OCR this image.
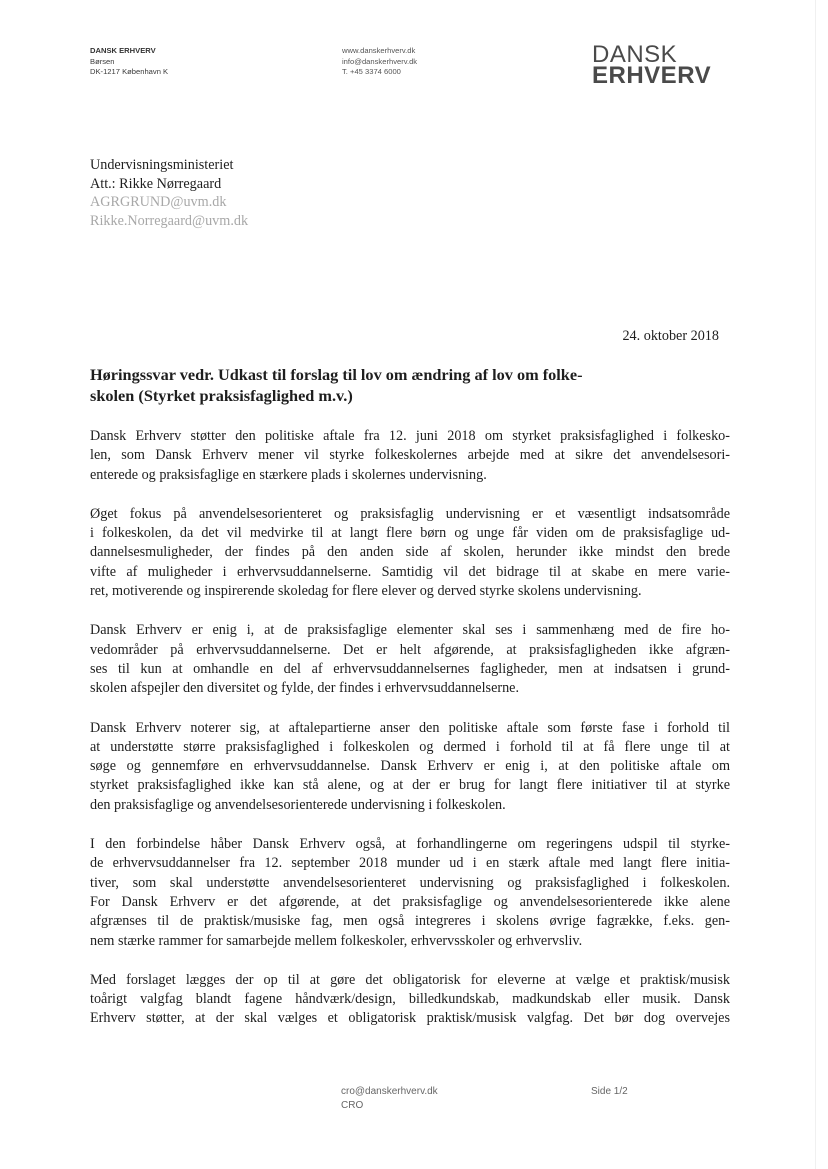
DANSK ERHVERV
Børsen
DK-1217 København K
www.danskerhverv.dk
info@danskerhverv.dk
T. +45 3374 6000
DANSK
ERHVERV
Undervisningsministeriet
Att.: Rikke Nørregaard
AGRGRUND@uvm.dk
Rikke.Norregaard@uvm.dk
24. oktober 2018
Høringssvar vedr. Udkast til forslag til lov om ændring af lov om folke-
skolen (Styrket praksisfaglighed m.v.)
Dansk Erhverv støtter den politiske aftale fra 12. juni 2018 om styrket praksisfaglighed i folkesko-
len, som Dansk Erhverv mener vil styrke folkeskolernes arbejde med at sikre det anvendelsesori-
enterede og praksisfaglige en stærkere plads i skolernes undervisning.
Øget fokus på anvendelsesorienteret og praksisfaglig undervisning er et væsentligt indsatsområde
i folkeskolen, da det vil medvirke til at langt flere børn og unge får viden om de praksisfaglige ud-
dannelsesmuligheder, der findes på den anden side af skolen, herunder ikke mindst den brede
vifte af muligheder i erhvervsuddannelserne. Samtidig vil det bidrage til at skabe en mere varie-
ret, motiverende og inspirerende skoledag for flere elever og derved styrke skolens undervisning.
Dansk Erhverv er enig i, at de praksisfaglige elementer skal ses i sammenhæng med de fire ho-
vedområder på erhvervsuddannelserne. Det er helt afgørende, at praksisfagligheden ikke afgræn-
ses til kun at omhandle en del af erhvervsuddannelsernes fagligheder, men at indsatsen i grund-
skolen afspejler den diversitet og fylde, der findes i erhvervsuddannelserne.
Dansk Erhverv noterer sig, at aftalepartierne anser den politiske aftale som første fase i forhold til
at understøtte større praksisfaglighed i folkeskolen og dermed i forhold til at få flere unge til at
søge og gennemføre en erhvervsuddannelse. Dansk Erhverv er enig i, at den politiske aftale om
styrket praksisfaglighed ikke kan stå alene, og at der er brug for langt flere initiativer til at styrke
den praksisfaglige og anvendelsesorienterede undervisning i folkeskolen.
I den forbindelse håber Dansk Erhverv også, at forhandlingerne om regeringens udspil til styrke-
de erhvervsuddannelser fra 12. september 2018 munder ud i en stærk aftale med langt flere initia-
tiver, som skal understøtte anvendelsesorienteret undervisning og praksisfaglighed i folkeskolen.
For Dansk Erhverv er det afgørende, at det praksisfaglige og anvendelsesorienterede ikke alene
afgrænses til de praktisk/musiske fag, men også integreres i skolens øvrige fagrække, f.eks. gen-
nem stærke rammer for samarbejde mellem folkeskoler, erhvervsskoler og erhvervsliv.
Med forslaget lægges der op til at gøre det obligatorisk for eleverne at vælge et praktisk/musisk
toårigt valgfag blandt fagene håndværk/design, billedkundskab, madkundskab eller musik. Dansk
Erhverv støtter, at der skal vælges et obligatorisk praktisk/musisk valgfag. Det bør dog overvejes
cro@danskerhverv.dk
CRO
Side 1/2
